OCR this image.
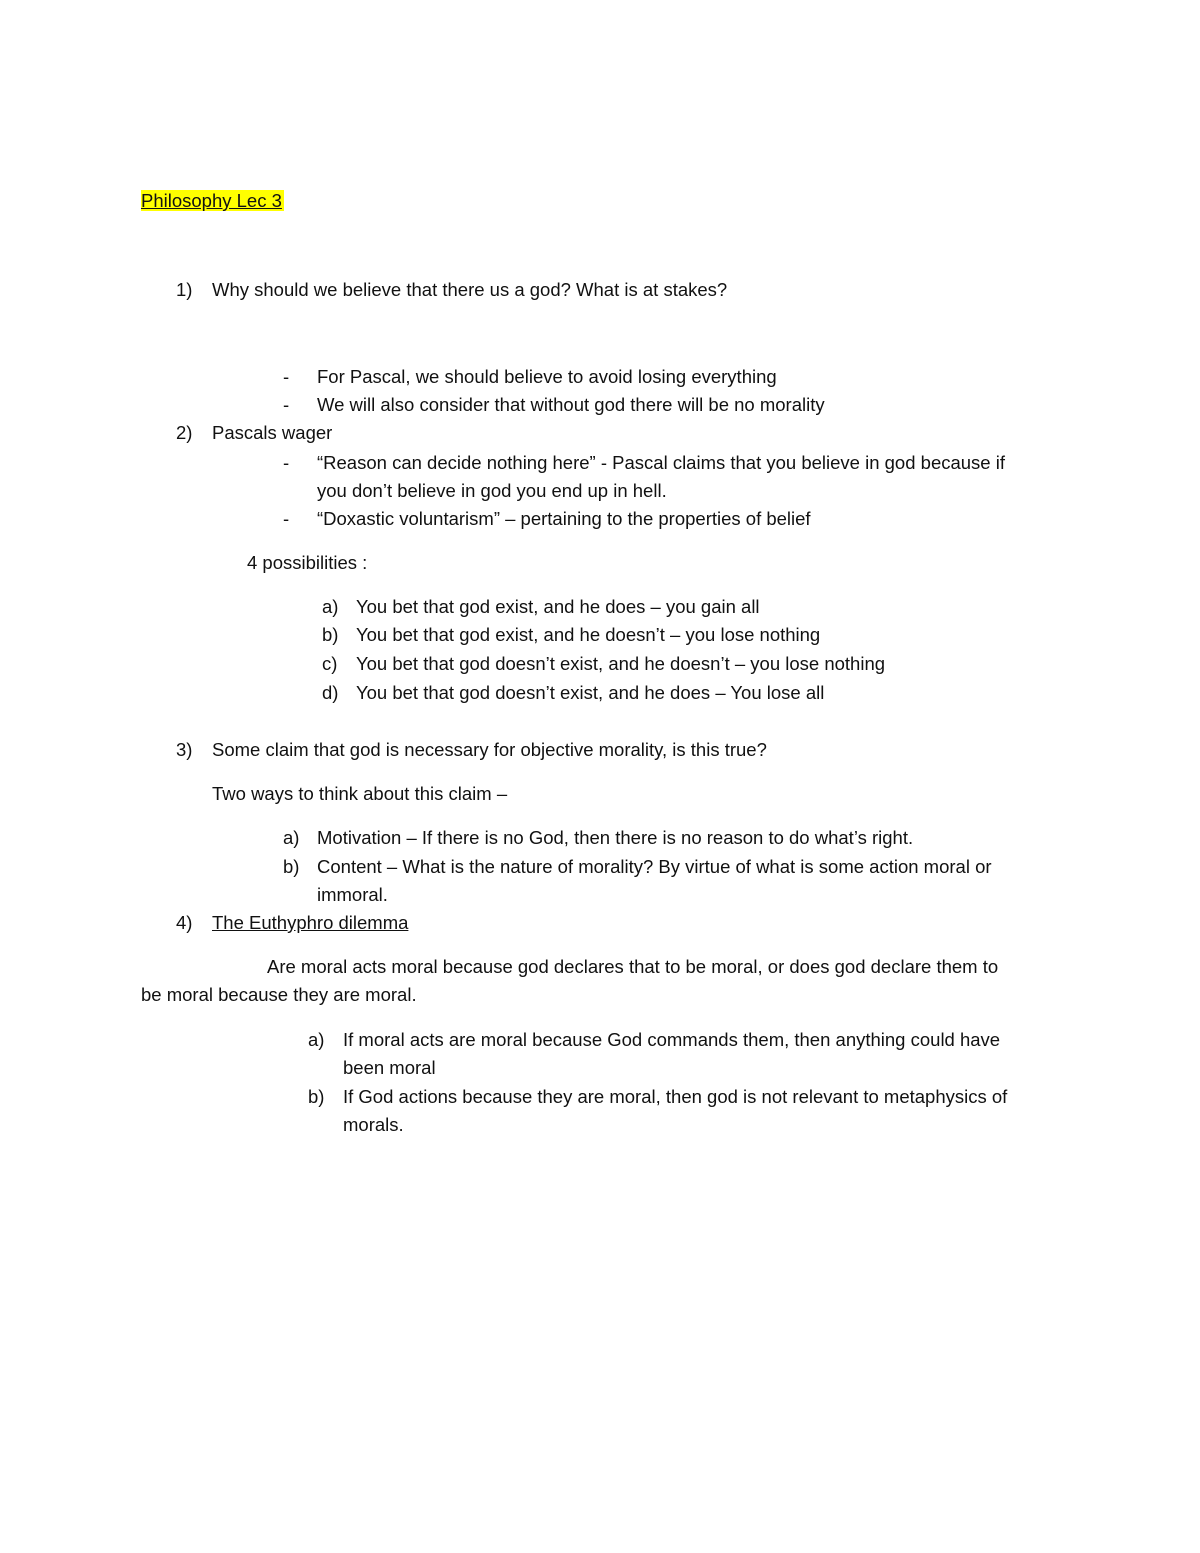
Philosophy Lec 3
1) Why should we believe that there us a god? What is at stakes?
- For Pascal, we should believe to avoid losing everything
- We will also consider that without god there will be no morality
2) Pascals wager
- “Reason can decide nothing here” - Pascal claims that you believe in god because if
you don’t believe in god you end up in hell.
- “Doxastic voluntarism” – pertaining to the properties of belief
4 possibilities :
a) You bet that god exist, and he does – you gain all
b) You bet that god exist, and he doesn’t – you lose nothing
c) You bet that god doesn’t exist, and he doesn’t – you lose nothing
d) You bet that god doesn’t exist, and he does – You lose all
3) Some claim that god is necessary for objective morality, is this true?
Two ways to think about this claim –
a) Motivation – If there is no God, then there is no reason to do what’s right.
b) Content – What is the nature of morality? By virtue of what is some action moral or
immoral.
4) The Euthyphro dilemma
Are moral acts moral because god declares that to be moral, or does god declare them to
be moral because they are moral.
a) If moral acts are moral because God commands them, then anything could have
been moral
b) If God actions because they are moral, then god is not relevant to metaphysics of
morals.
